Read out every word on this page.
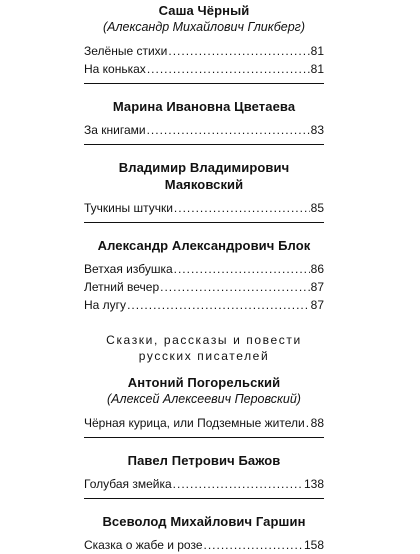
Саша Чёрный
(Александр Михайлович Гликберг)
Зелёные стихи .....	81
На коньках .....	81
Марина Ивановна Цветаева
За книгами .....	83
Владимир Владимирович
Маяковский
Тучкины штучки .....	85
Александр Александрович Блок
Ветхая избушка .....	86
Летний вечер .....	87
На лугу .....	87
Сказки, рассказы и повести
русских писателей
Антоний Погорельский
(Алексей Алексеевич Перовский)
Чёрная курица, или Подземные жители ..... 88
Павел Петрович Бажов
Голубая змейка .....	138
Всеволод Михайлович Гаршин
Сказка о жабе и розе .....	158
